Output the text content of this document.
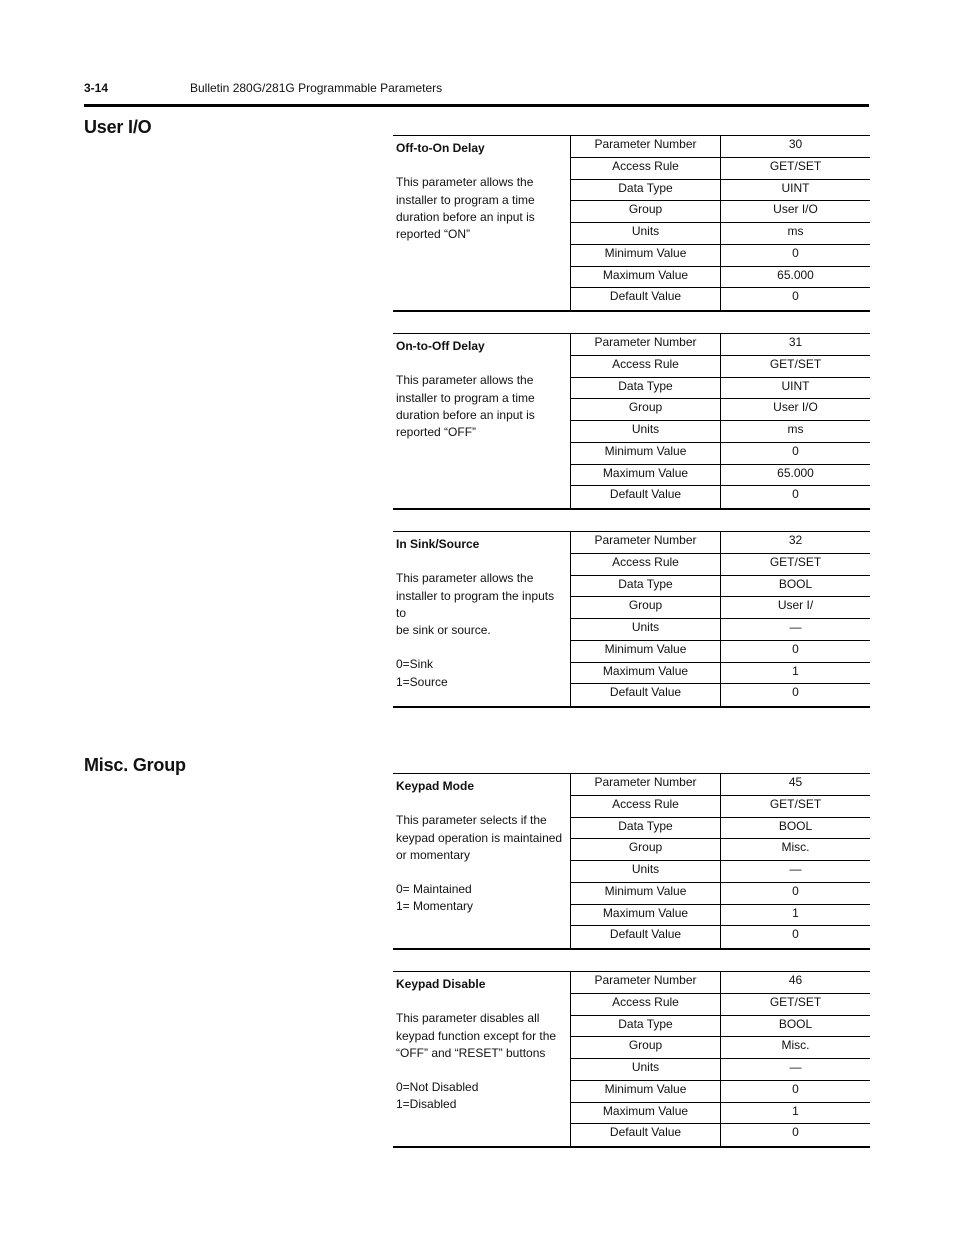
3-14	Bulletin 280G/281G Programmable Parameters
User I/O
Misc. Group
Off-to-On Delay
This parameter allows the
installer to program a time
duration before an input is
reported “ON”
Parameter Number	30
Access Rule	GET/SET
Data Type	UINT
Group	User I/O
Units	ms
Minimum Value	0
Maximum Value	65.000
Default Value	0
On-to-Off Delay
This parameter allows the
installer to program a time
duration before an input is
reported “OFF”
Parameter Number	31
Access Rule	GET/SET
Data Type	UINT
Group	User I/O
Units	ms
Minimum Value	0
Maximum Value	65.000
Default Value	0
In Sink/Source
This parameter allows the
installer to program the inputs to
be sink or source.
0=Sink
1=Source
Parameter Number	32
Access Rule	GET/SET
Data Type	BOOL
Group	User I/
Units	—
Minimum Value	0
Maximum Value	1
Default Value	0
Keypad Mode
This parameter selects if the
keypad operation is maintained
or momentary
0= Maintained
1= Momentary
Parameter Number	45
Access Rule	GET/SET
Data Type	BOOL
Group	Misc.
Units	—
Minimum Value	0
Maximum Value	1
Default Value	0
Keypad Disable
This parameter disables all
keypad function except for the
“OFF” and “RESET” buttons
0=Not Disabled
1=Disabled
Parameter Number	46
Access Rule	GET/SET
Data Type	BOOL
Group	Misc.
Units	—
Minimum Value	0
Maximum Value	1
Default Value	0
